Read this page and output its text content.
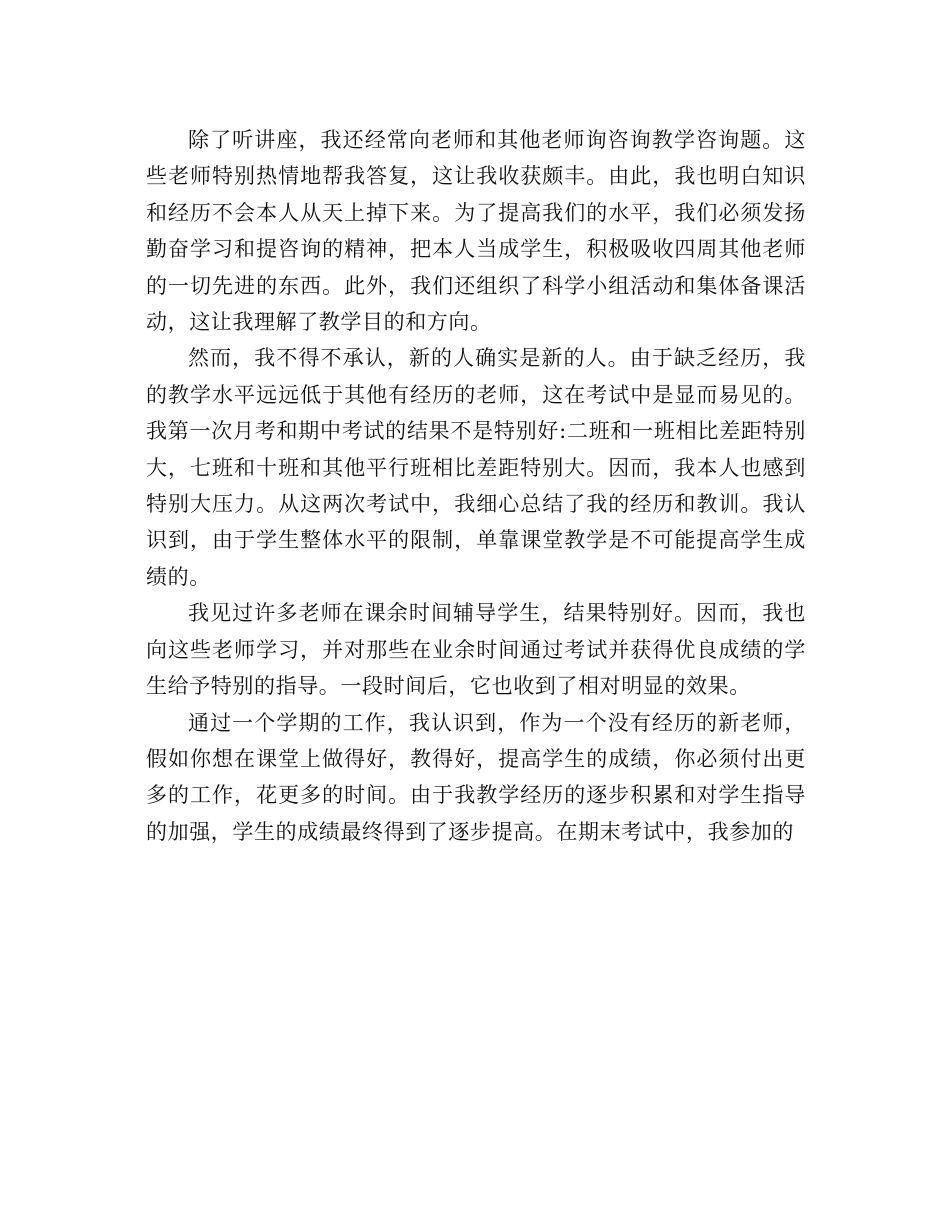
除了听讲座，我还经常向老师和其他老师询咨询教学咨询题。这些老师特别热情地帮我答复，这让我收获颇丰。由此，我也明白知识和经历不会本人从天上掉下来。为了提高我们的水平，我们必须发扬勤奋学习和提咨询的精神，把本人当成学生，积极吸收四周其他老师的一切先进的东西。此外，我们还组织了科学小组活动和集体备课活动，这让我理解了教学目的和方向。

然而，我不得不承认，新的人确实是新的人。由于缺乏经历，我的教学水平远远低于其他有经历的老师，这在考试中是显而易见的。我第一次月考和期中考试的结果不是特别好:二班和一班相比差距特别大，七班和十班和其他平行班相比差距特别大。因而，我本人也感到特别大压力。从这两次考试中，我细心总结了我的经历和教训。我认识到，由于学生整体水平的限制，单靠课堂教学是不可能提高学生成绩的。

我见过许多老师在课余时间辅导学生，结果特别好。因而，我也向这些老师学习，并对那些在业余时间通过考试并获得优良成绩的学生给予特别的指导。一段时间后，它也收到了相对明显的效果。

通过一个学期的工作，我认识到，作为一个没有经历的新老师，假如你想在课堂上做得好，教得好，提高学生的成绩，你必须付出更多的工作，花更多的时间。由于我教学经历的逐步积累和对学生指导的加强，学生的成绩最终得到了逐步提高。在期末考试中，我参加的
